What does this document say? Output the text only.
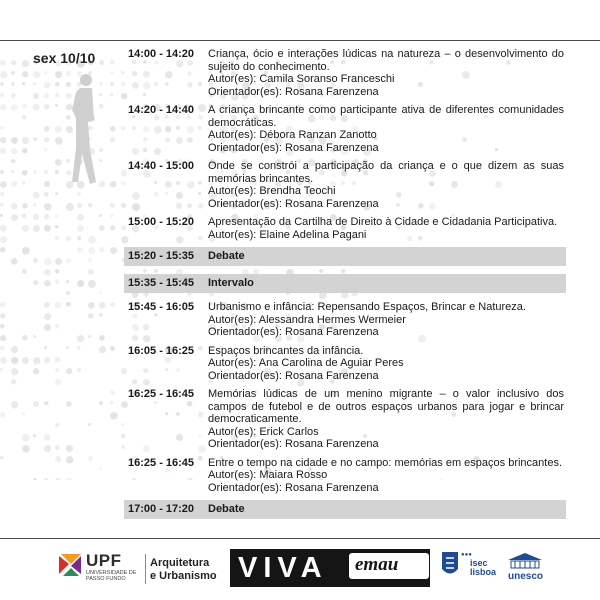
sex 10/10	14:00 - 14:20	Criança, ócio e interações lúdicas na natureza – o desenvolvimento do sujeito do conhecimento.
Autor(es): Camila Soranso Franceschi
Orientador(es): Rosana Farenzena
14:20 - 14:40	A criança brincante como participante ativa de diferentes comunidades democráticas.
Autor(es): Débora Ranzan Zanotto
Orientador(es): Rosana Farenzena
14:40 - 15:00	Onde se constrói a participação da criança e o que dizem as suas memórias brincantes.
Autor(es): Brendha Teochi
Orientador(es): Rosana Farenzena
15:00 - 15:20	Apresentação da Cartilha de Direito à Cidade e Cidadania Participativa.
Autor(es): Elaine Adelina Pagani
15:20 - 15:35	Debate
15:35 - 15:45	Intervalo
15:45 - 16:05	Urbanismo e infância: Repensando Espaços, Brincar e Natureza.
Autor(es): Alessandra Hermes Wermeier
Orientador(es): Rosana Farenzena
16:05 - 16:25	Espaços brincantes da infância.
Autor(es): Ana Carolina de Aguiar Peres
Orientador(es): Rosana Farenzena
16:25 - 16:45	Memórias lúdicas de um menino migrante – o valor inclusivo dos campos de futebol e de outros espaços urbanos para jogar e brincar democraticamente.
Autor(es): Erick Carlos
Orientador(es): Rosana Farenzena
16:25 - 16:45	Entre o tempo na cidade e no campo: memórias em espaços brincantes.
Autor(es): Maiara Rosso
Orientador(es): Rosana Farenzena
17:00 - 17:20	Debate
UPF
UNIVERSIDADE DE PASSO FUNDO
Arquitetura
e Urbanismo VIVA emau	●●●
isec
lisboa unesco
